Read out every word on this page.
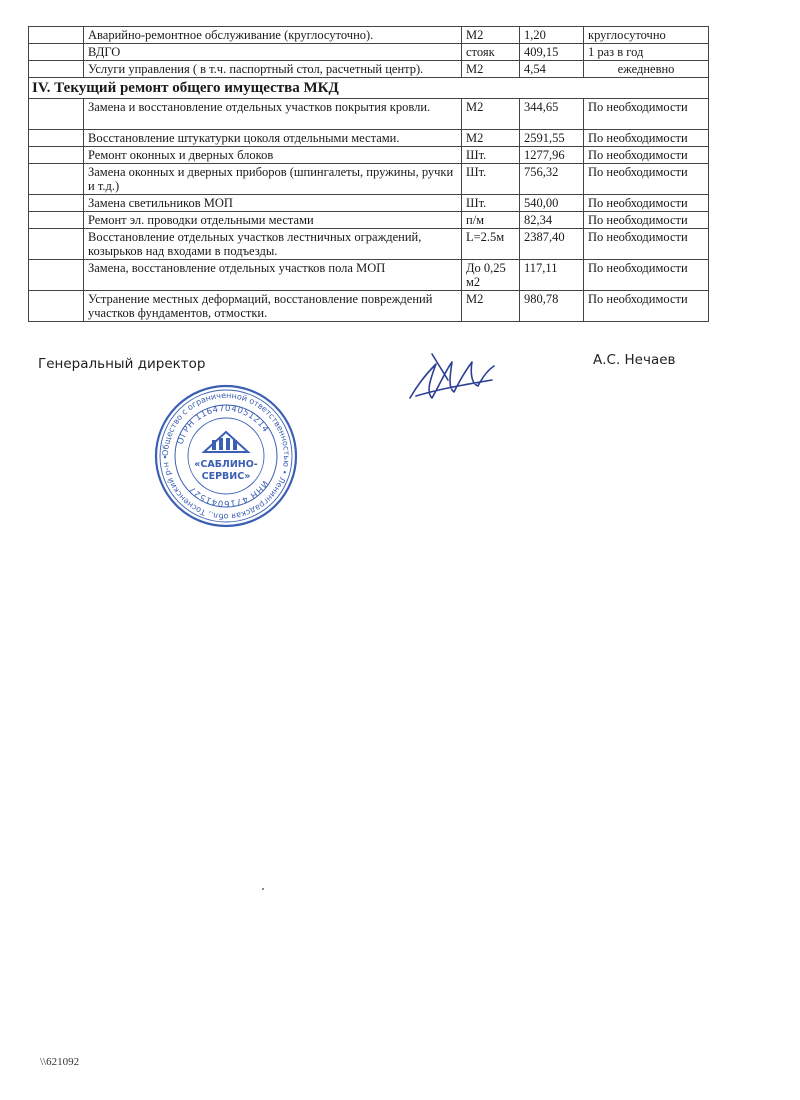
	Аварийно-ремонтное обслуживание (круглосуточно).	М2	1,20	круглосуточно
	ВДГО	стояк	409,15	1 раз в год
	Услуги управления ( в т.ч. паспортный стол, расчетный центр).	М2	4,54	ежедневно
IV. Текущий ремонт общего имущества МКД				
	Замена и восстановление отдельных участков покрытия кровли.	М2	344,65	По необходимости
	Восстановление штукатурки цоколя отдельными местами.	М2	2591,55	По необходимости
	Ремонт оконных и дверных блоков	Шт.	1277,96	По необходимости
	Замена оконных и дверных приборов (шпингалеты, пружины, ручки и т.д.)	Шт.	756,32	По необходимости
	Замена светильников МОП	Шт.	540,00	По необходимости
	Ремонт эл. проводки отдельными местами	п/м	82,34	По необходимости
	Восстановление отдельных участков лестничных ограждений, козырьков над входами в подъезды.	L=2.5м	2387,40	По необходимости
	Замена, восстановление отдельных участков пола МОП	До 0,25 м2	117,11	По необходимости
	Устранение местных деформаций, восстановление повреждений участков фундаментов, отмостки.	М2	980,78	По необходимости
Генеральный директор	А.С. Нечаев
Общество с ограниченной ответственностью • Ленинградская обл., Тосненский р-н •
ОГРН 1164704051214
ИНН 4716041527
«САБЛИНО-
СЕРВИС»
\\621092
